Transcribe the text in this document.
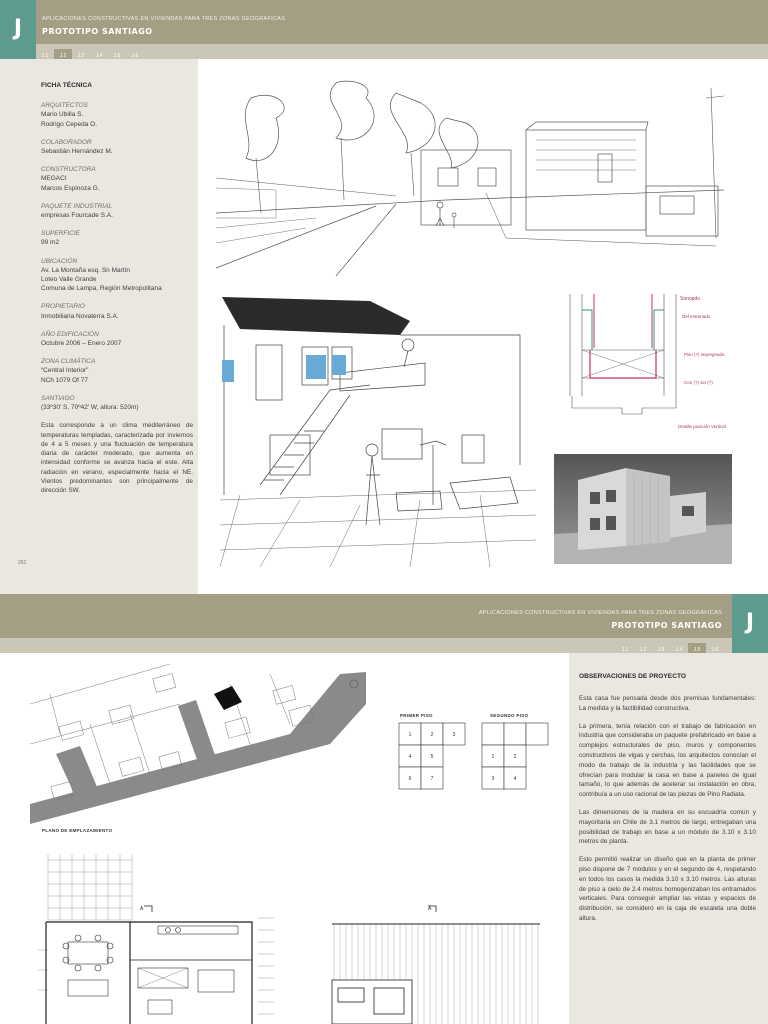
J	APLICACIONES CONSTRUCTIVAS EN VIVIENDAS PARA TRES ZONAS GEOGRÁFICAS
PROTOTIPO SANTIAGO
J.1 J.2 J.3 J.4 J.5 J.6
FICHA TÉCNICA
ARQUITECTOS
Mario Ubilla S.
Rodrigo Cepeda O.
COLABORADOR
Sebastián Hernández M.
CONSTRUCTORA
MEGACI
Marcos Espinoza G.
PAQUETE INDUSTRIAL
empresas Fourcade S.A.
SUPERFICIE
99 m2
UBICACIÓN
Av. La Montaña esq. Sn Martín
Loteo Valle Grande
Comuna de Lampa, Región Metropolitana
PROPIETARIO
Inmobiliaria Novaterra S.A.
AÑO EDIFICACIÓN
Octubre 2006 – Enero 2007
ZONA CLIMÁTICA
“Central Interior”
NCh 1079 Of 77
SANTIAGO
(33º30' S, 70º42' W, altura: 520m)
Esta corresponde a un clima mediterráneo de temperaturas templadas, caracterizada por inviernos de 4 a 5 meses y una fluctuación de temperatura diaria de carácter moderado, que aumenta en intensidad conforme se avanza hacia el este. Alta radiación en verano, especialmente hacia el NE. Vientos predominantes son principalmente de dirección SW.
262
Sonopdo
Del entrenado
Piso (?) impregnado
Con (?) sin (?)
Detalle posición Vertical
APLICACIONES CONSTRUCTIVAS EN VIVIENDAS PARA TRES ZONAS GEOGRÁFICAS
PROTOTIPO SANTIAGO	J
J.1 J.2 J.3 J.4 J.5 J.6
PLANO DE EMPLAZAMIENTO
PRIMER PISO	SEGUNDO PISO
1	2	3
4	5
6	7
1	2
3	4
A	A
OBSERVACIONES DE PROYECTO

Esta casa fue pensada desde dos premisas fundamentales: La medida y la factibilidad constructiva.

La primera, tenía relación con el trabajo de fabricación en industria que consideraba un paquete prefabricado en base a complejos estructurales de piso, muros y componentes constructivos de vigas y cerchas, los arquitectos conocían el modo de trabajo de la industria y las facilidades que se ofrecían para modular la casa en base a paneles de igual tamaño, lo que además de acelerar su instalación en obra, contribuía a un uso racional de las piezas de Pino Radiata.

Las dimensiones de la madera en su escuadría común y mayoritaria en Chile de 3.1 metros de largo, entregaban una posibilidad de trabajo en base a un módulo de 3.10 x 3.10 metros de planta.

Esto permitió realizar un diseño que en la planta de primer piso dispone de 7 módulos y en el segundo de 4, respetando en todos los casos la medida 3.10 x 3.10 metros. Las alturas de piso a cielo de 2.4 metros homogenizaban los entramados verticales. Para conseguir ampliar las vistas y espacios de distribución, se consideró en la caja de escaleta una doble altura.
